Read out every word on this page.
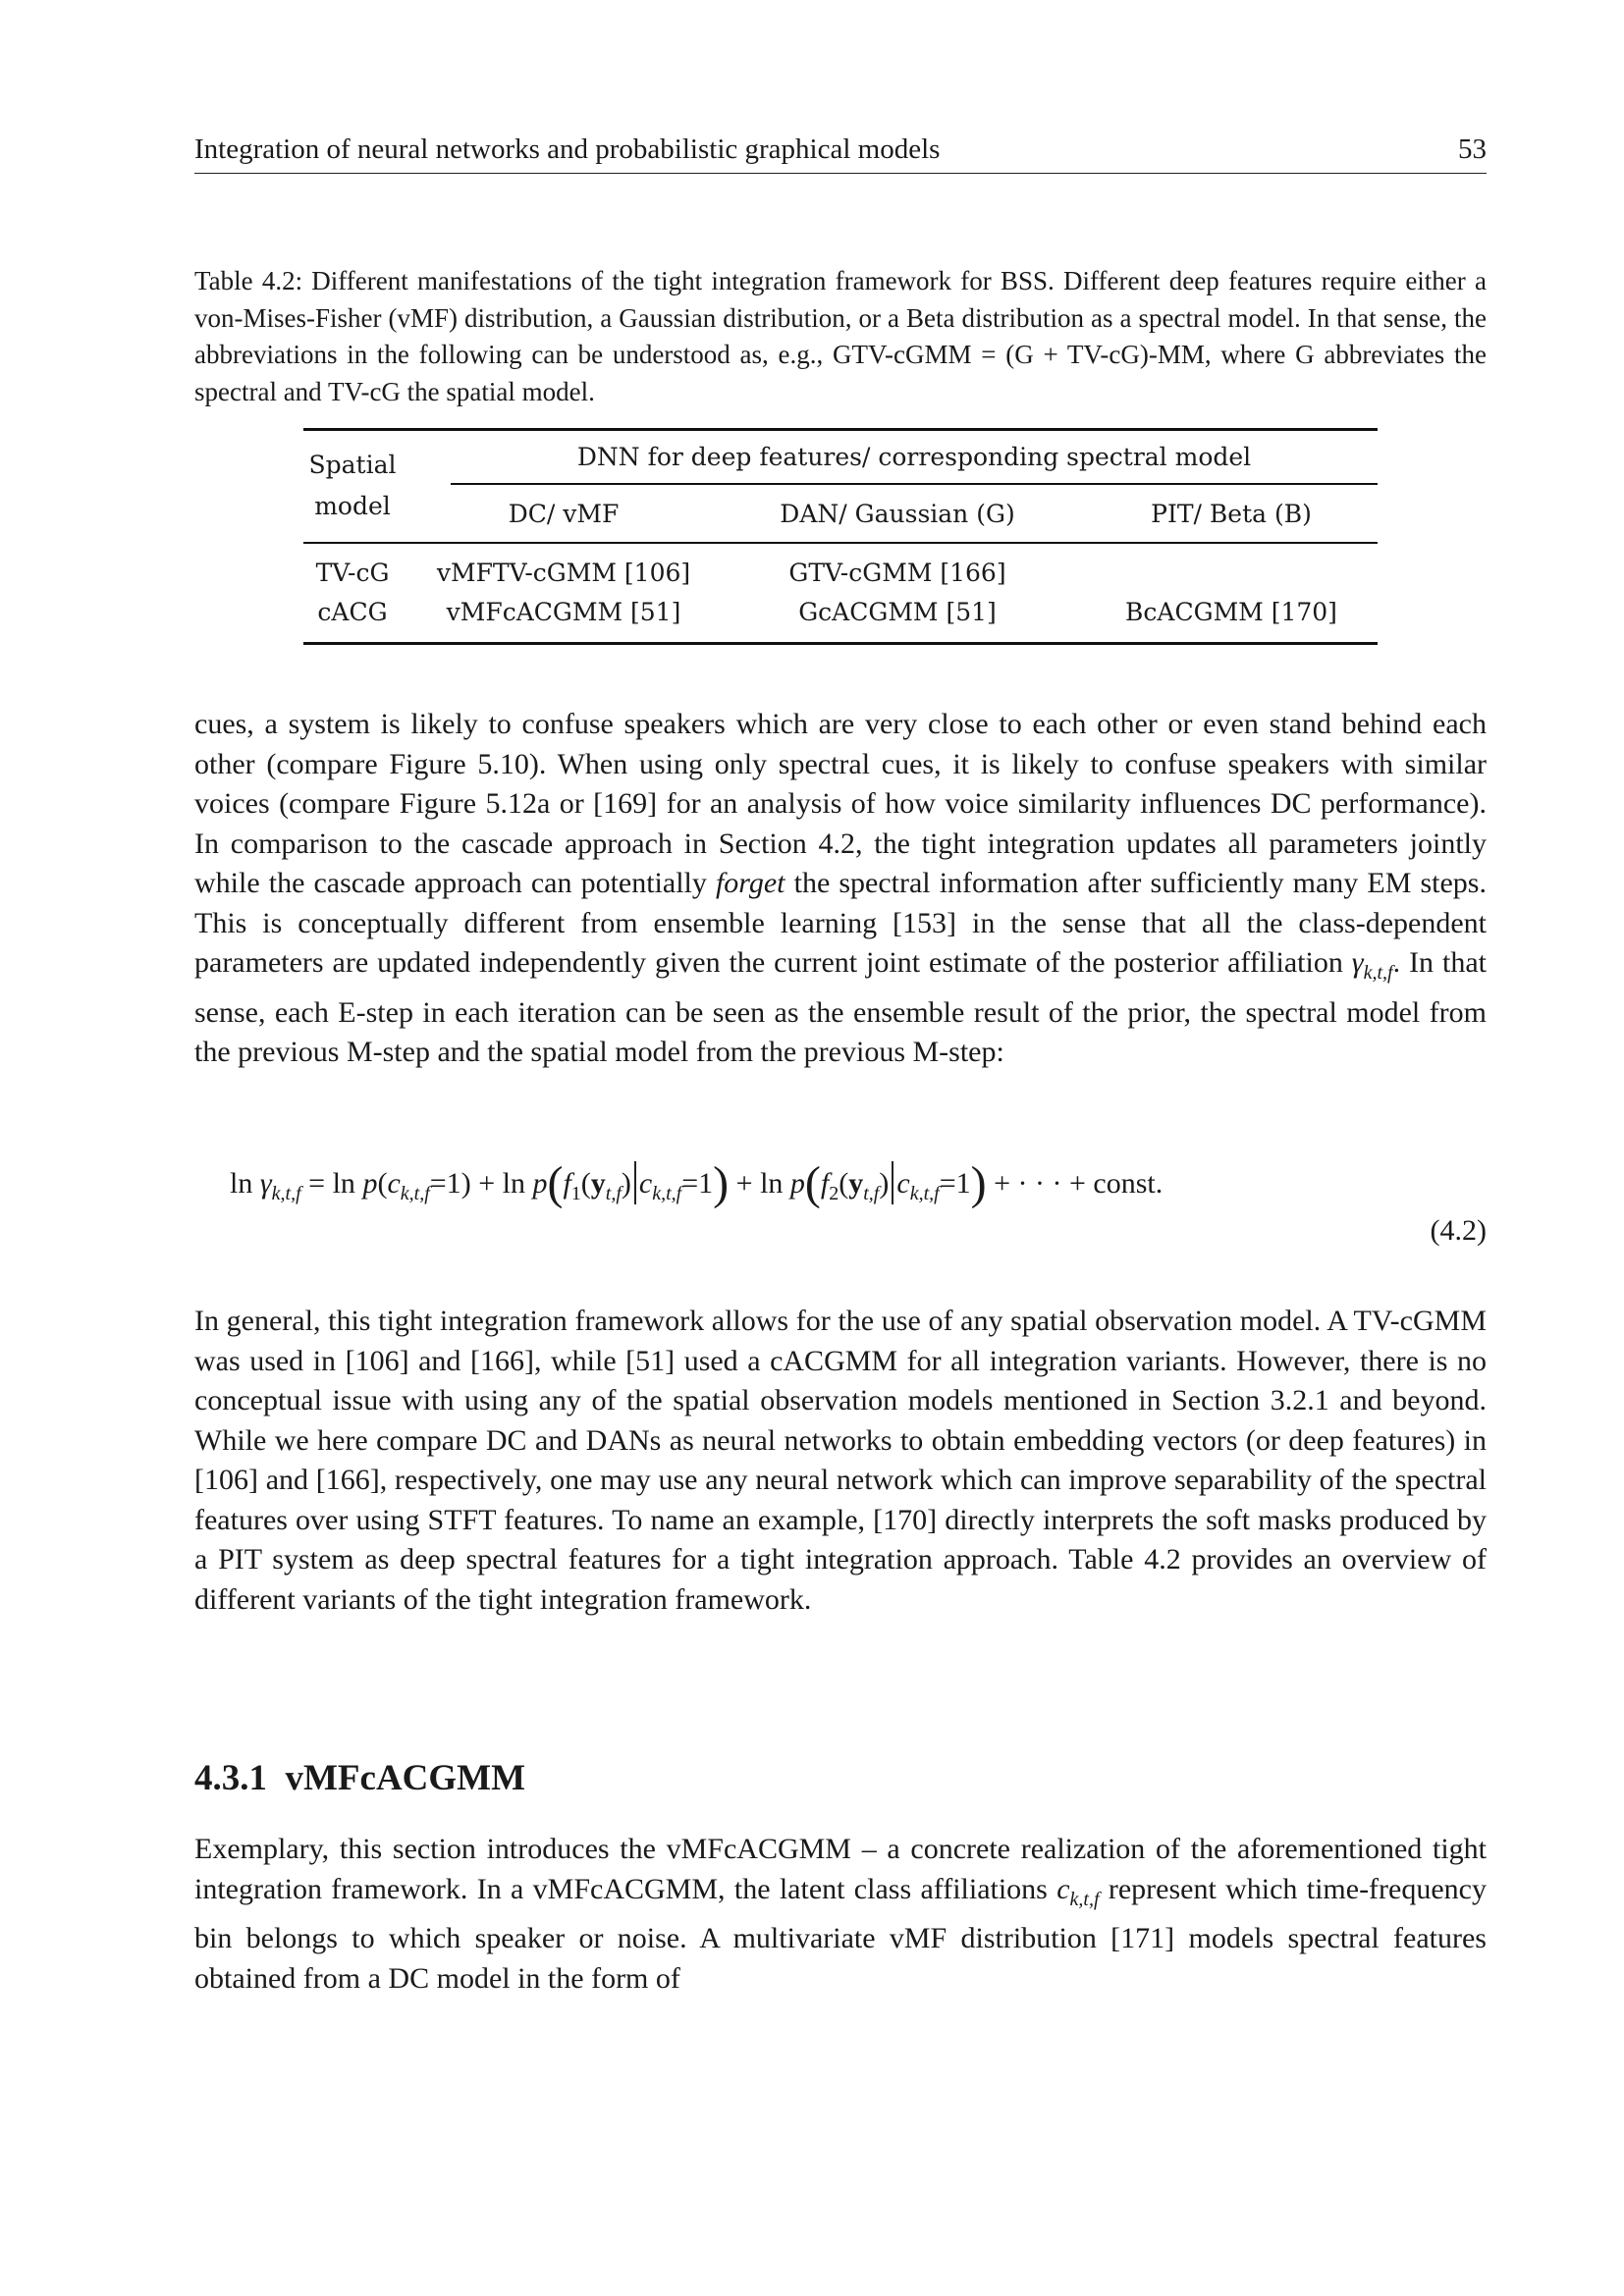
Integration of neural networks and probabilistic graphical models	53
Table 4.2: Different manifestations of the tight integration framework for BSS. Different deep features require either a von-Mises-Fisher (vMF) distribution, a Gaussian distribution, or a Beta distribution as a spectral model. In that sense, the abbreviations in the following can be understood as, e.g., GTV-cGMM = (G + TV-cG)-MM, where G abbreviates the spectral and TV-cG the spatial model.
Spatial
model
DNN for deep features/ corresponding spectral model
DC/ vMF	DAN/ Gaussian (G)	PIT/ Beta (B)
TV-cG	vMFTV-cGMM [106]	GTV-cGMM [166]
cACG	vMFcACGMM [51]	GcACGMM [51]	BcACGMM [170]

cues, a system is likely to confuse speakers which are very close to each other or even stand behind each other (compare Figure 5.10). When using only spectral cues, it is likely to confuse speakers with similar voices (compare Figure 5.12a or [169] for an analysis of how voice similarity influences DC performance). In comparison to the cascade approach in Section 4.2, the tight integration updates all parameters jointly while the cascade approach can potentially forget the spectral information after sufficiently many EM steps. This is conceptually different from ensemble learning [153] in the sense that all the class-dependent parameters are updated independently given the current joint estimate of the posterior affiliation $\gamma_{k,t,f}$. In that sense, each E-step in each iteration can be seen as the ensemble result of the prior, the spectral model from the previous M-step and the spatial model from the previous M-step:

$\ln \gamma_{k,t,f} = \ln p(c_{k,t,f}=1) + \ln p(f_1(y_{t,f}) c_{k,t,f}=1) + \ln p(f_2(y_{t,f}) c_{k,t,f}=1)$ + · · · + const.
(4.2)
In general, this tight integration framework allows for the use of any spatial observation model. A TV-cGMM was used in [106] and [166], while [51] used a cACGMM for all integration variants. However, there is no conceptual issue with using any of the spatial observation models mentioned in Section 3.2.1 and beyond. While we here compare DC and DANs as neural networks to obtain embedding vectors (or deep features) in [106] and [166], respectively, one may use any neural network which can improve separability of the spectral features over using STFT features. To name an example, [170] directly interprets the soft masks produced by a PIT system as deep spectral features for a tight integration approach. Table 4.2 provides an overview of different variants of the tight integration framework.
4.3.1 vMFcACGMM

Exemplary, this section introduces the vMFcACGMM – a concrete realization of the aforementioned tight integration framework. In a vMFcACGMM, the latent class affiliations $c_{k,t,f}$ represent which time-frequency bin belongs to which speaker or noise. A multivariate vMF distribution [171] models spectral features obtained from a DC model in the form of
